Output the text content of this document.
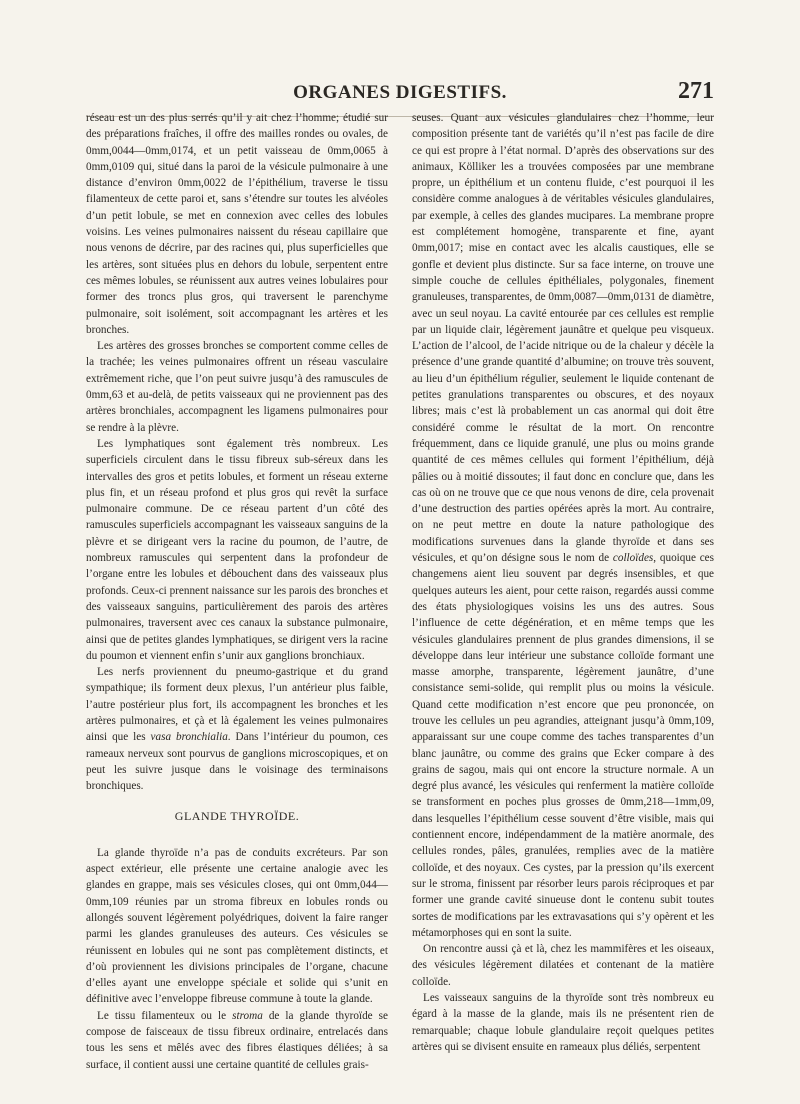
ORGANES DIGESTIFS.	271

réseau est un des plus serrés qu’il y ait chez l’homme; étudié sur des préparations fraîches, il offre des mailles rondes ou ovales, de 0mm,0044—0mm,0174, et un petit vaisseau de 0mm,0065 à 0mm,0109 qui, situé dans la paroi de la vésicule pulmonaire à une distance d’environ 0mm,0022 de l’épithélium, traverse le tissu filamenteux de cette paroi et, sans s’étendre sur toutes les alvéoles d’un petit lobule, se met en connexion avec celles des lobules voisins. Les veines pulmonaires naissent du réseau capillaire que nous venons de décrire, par des racines qui, plus superficielles que les artères, sont situées plus en dehors du lobule, serpentent entre ces mêmes lobules, se réunissent aux autres veines lobulaires pour former des troncs plus gros, qui traversent le parenchyme pulmonaire, soit isolément, soit accompagnant les artères et les bronches.

Les artères des grosses bronches se comportent comme celles de la trachée; les veines pulmonaires offrent un réseau vasculaire extrêmement riche, que l’on peut suivre jusqu’à des ramuscules de 0mm,63 et au-delà, de petits vaisseaux qui ne proviennent pas des artères bronchiales, accompagnent les ligamens pulmonaires pour se rendre à la plèvre.

Les lymphatiques sont également très nombreux. Les superficiels circulent dans le tissu fibreux sub-séreux dans les intervalles des gros et petits lobules, et forment un réseau externe plus fin, et un réseau profond et plus gros qui revêt la surface pulmonaire commune. De ce réseau partent d’un côté des ramuscules superficiels accompagnant les vaisseaux sanguins de la plèvre et se dirigeant vers la racine du poumon, de l’autre, de nombreux ramuscules qui serpentent dans la profondeur de l’organe entre les lobules et débouchent dans des vaisseaux plus profonds. Ceux-ci prennent naissance sur les parois des bronches et des vaisseaux sanguins, particulièrement des parois des artères pulmonaires, traversent avec ces canaux la substance pulmonaire, ainsi que de petites glandes lymphatiques, se dirigent vers la racine du poumon et viennent enfin s’unir aux ganglions bronchiaux.

Les nerfs proviennent du pneumo-gastrique et du grand sympathique; ils forment deux plexus, l’un antérieur plus faible, l’autre postérieur plus fort, ils accompagnent les bronches et les artères pulmonaires, et çà et là également les veines pulmonaires ainsi que les vasa bronchialia. Dans l’intérieur du poumon, ces rameaux nerveux sont pourvus de ganglions microscopiques, et on peut les suivre jusque dans le voisinage des terminaisons bronchiques.

GLANDE THYROÏDE.

La glande thyroïde n’a pas de conduits excréteurs. Par son aspect extérieur, elle présente une certaine analogie avec les glandes en grappe, mais ses vésicules closes, qui ont 0mm,044—0mm,109 réunies par un stroma fibreux en lobules ronds ou allongés souvent légèrement polyédriques, doivent la faire ranger parmi les glandes granuleuses des auteurs. Ces vésicules se réunissent en lobules qui ne sont pas complètement distincts, et d’où proviennent les divisions principales de l’organe, chacune d’elles ayant une enveloppe spéciale et solide qui s’unit en définitive avec l’enveloppe fibreuse commune à toute la glande.

Le tissu filamenteux ou le stroma de la glande thyroïde se compose de faisceaux de tissu fibreux ordinaire, entrelacés dans tous les sens et mêlés avec des fibres élastiques déliées; à sa surface, il contient aussi une certaine quantité de cellules grais-

seuses. Quant aux vésicules glandulaires chez l’homme, leur composition présente tant de variétés qu’il n’est pas facile de dire ce qui est propre à l’état normal. D’après des observations sur des animaux, Kölliker les a trouvées composées par une membrane propre, un épithélium et un contenu fluide, c’est pourquoi il les considère comme analogues à de véritables vésicules glandulaires, par exemple, à celles des glandes mucipares. La membrane propre est complétement homogène, transparente et fine, ayant 0mm,0017; mise en contact avec les alcalis caustiques, elle se gonfle et devient plus distincte. Sur sa face interne, on trouve une simple couche de cellules épithéliales, polygonales, finement granuleuses, transparentes, de 0mm,0087—0mm,0131 de diamètre, avec un seul noyau. La cavité entourée par ces cellules est remplie par un liquide clair, légèrement jaunâtre et quelque peu visqueux. L’action de l’alcool, de l’acide nitrique ou de la chaleur y décèle la présence d’une grande quantité d’albumine; on trouve très souvent, au lieu d’un épithélium régulier, seulement le liquide contenant de petites granulations transparentes ou obscures, et des noyaux libres; mais c’est là probablement un cas anormal qui doit être considéré comme le résultat de la mort. On rencontre fréquemment, dans ce liquide granulé, une plus ou moins grande quantité de ces mêmes cellules qui forment l’épithélium, déjà pâlies ou à moitié dissoutes; il faut donc en conclure que, dans les cas où on ne trouve que ce que nous venons de dire, cela provenait d’une destruction des parties opérées après la mort. Au contraire, on ne peut mettre en doute la nature pathologique des modifications survenues dans la glande thyroïde et dans ses vésicules, et qu’on désigne sous le nom de colloïdes, quoique ces changemens aient lieu souvent par degrés insensibles, et que quelques auteurs les aient, pour cette raison, regardés aussi comme des états physiologiques voisins les uns des autres. Sous l’influence de cette dégénération, et en même temps que les vésicules glandulaires prennent de plus grandes dimensions, il se développe dans leur intérieur une substance colloïde formant une masse amorphe, transparente, légèrement jaunâtre, d’une consistance semi-solide, qui remplit plus ou moins la vésicule. Quand cette modification n’est encore que peu prononcée, on trouve les cellules un peu agrandies, atteignant jusqu’à 0mm,109, apparaissant sur une coupe comme des taches transparentes d’un blanc jaunâtre, ou comme des grains que Ecker compare à des grains de sagou, mais qui ont encore la structure normale. A un degré plus avancé, les vésicules qui renferment la matière colloïde se transforment en poches plus grosses de 0mm,218—1mm,09, dans lesquelles l’épithélium cesse souvent d’être visible, mais qui contiennent encore, indépendamment de la matière anormale, des cellules rondes, pâles, granulées, remplies avec de la matière colloïde, et des noyaux. Ces cystes, par la pression qu’ils exercent sur le stroma, finissent par résorber leurs parois réciproques et par former une grande cavité sinueuse dont le contenu subit toutes sortes de modifications par les extravasations qui s’y opèrent et les métamorphoses qui en sont la suite.

On rencontre aussi çà et là, chez les mammifères et les oiseaux, des vésicules légèrement dilatées et contenant de la matière colloïde.

Les vaisseaux sanguins de la thyroïde sont très nombreux eu égard à la masse de la glande, mais ils ne présentent rien de remarquable; chaque lobule glandulaire reçoit quelques petites artères qui se divisent ensuite en rameaux plus déliés, serpentent
